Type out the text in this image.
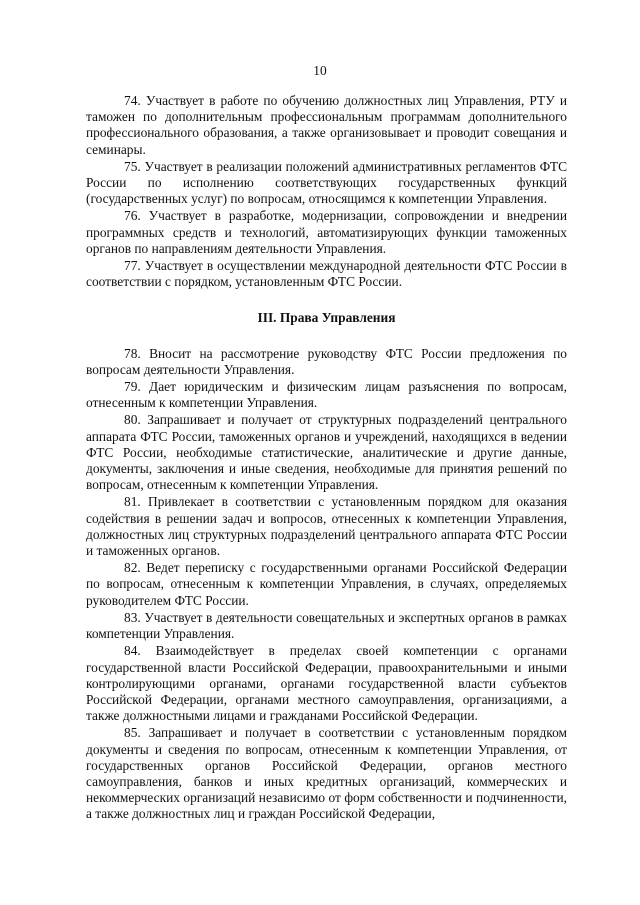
10

74. Участвует в работе по обучению должностных лиц Управления, РТУ и таможен по дополнительным профессиональным программам дополнительного профессионального образования, а также организовывает и проводит совещания и семинары.

75. Участвует в реализации положений административных регламентов ФТС России по исполнению соответствующих государственных функций (государственных услуг) по вопросам, относящимся к компетенции Управления.

76. Участвует в разработке, модернизации, сопровождении и внедрении программных средств и технологий, автоматизирующих функции таможенных органов по направлениям деятельности Управления.

77. Участвует в осуществлении международной деятельности ФТС России в соответствии с порядком, установленным ФТС России.

III. Права Управления

78. Вносит на рассмотрение руководству ФТС России предложения по вопросам деятельности Управления.

79. Дает юридическим и физическим лицам разъяснения по вопросам, отнесенным к компетенции Управления.

80. Запрашивает и получает от структурных подразделений центрального аппарата ФТС России, таможенных органов и учреждений, находящихся в ведении ФТС России, необходимые статистические, аналитические и другие данные, документы, заключения и иные сведения, необходимые для принятия решений по вопросам, отнесенным к компетенции Управления.

81. Привлекает в соответствии с установленным порядком для оказания содействия в решении задач и вопросов, отнесенных к компетенции Управления, должностных лиц структурных подразделений центрального аппарата ФТС России и таможенных органов.

82. Ведет переписку с государственными органами Российской Федерации по вопросам, отнесенным к компетенции Управления, в случаях, определяемых руководителем ФТС России.

83. Участвует в деятельности совещательных и экспертных органов в рамках компетенции Управления.

84. Взаимодействует в пределах своей компетенции с органами государственной власти Российской Федерации, правоохранительными и иными контролирующими органами, органами государственной власти субъектов Российской Федерации, органами местного самоуправления, организациями, а также должностными лицами и гражданами Российской Федерации.

85. Запрашивает и получает в соответствии с установленным порядком документы и сведения по вопросам, отнесенным к компетенции Управления, от государственных органов Российской Федерации, органов местного самоуправления, банков и иных кредитных организаций, коммерческих и некоммерческих организаций независимо от форм собственности и подчиненности, а также должностных лиц и граждан Российской Федерации,
